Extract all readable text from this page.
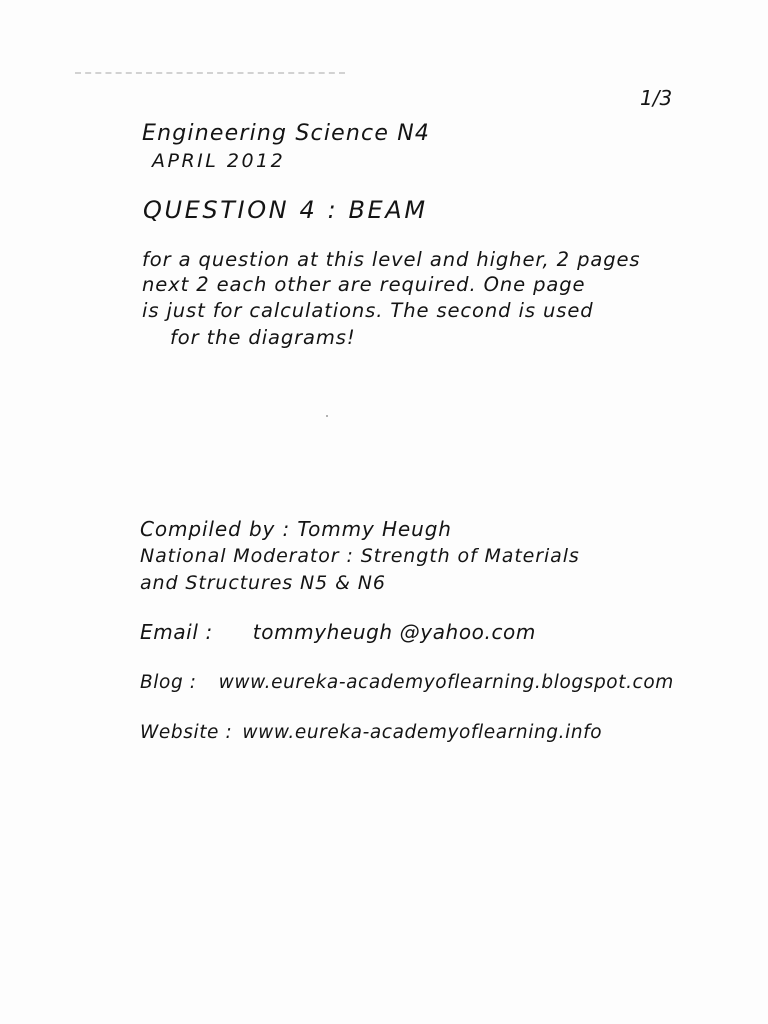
1/3
Engineering Science N4
APRIL 2012
QUESTION 4 : BEAM
for a question at this level and higher, 2 pages
next 2 each other are required. One page
is just for calculations. The second is used
for the diagrams!
Compiled by : Tommy Heugh
National Moderator : Strength of Materials
and Structures N5 & N6
Email : tommyheugh @yahoo.com
Blog : www.eureka-academyoflearning.blogspot.com
Website : www.eureka-academyoflearning.info
